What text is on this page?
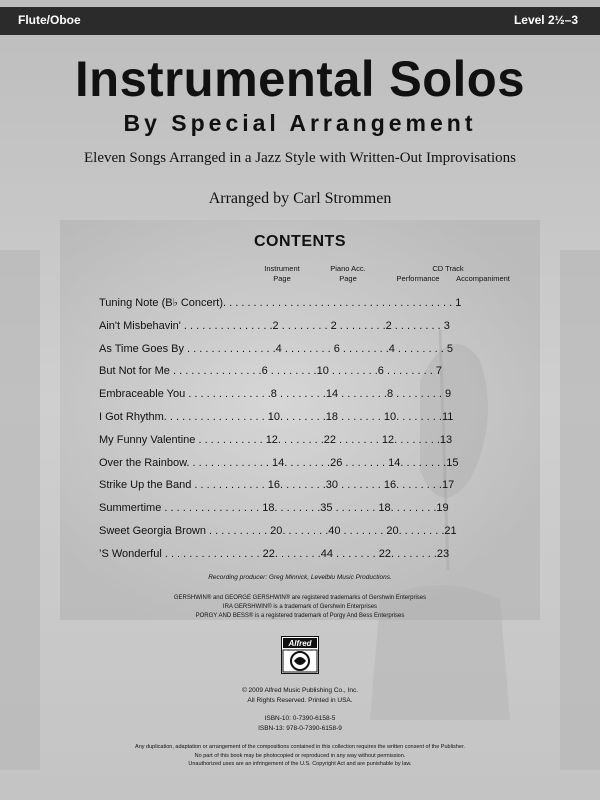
Flute/Oboe	Level 2½–3
Instrumental Solos
By Special Arrangement
Eleven Songs Arranged in a Jazz Style with Written-Out Improvisations
Arranged by Carl Strommen
CONTENTS
Instrument
Page
Piano Acc.
Page
CD Track
Performance	Accompaniment
Tuning Note (B♭ Concert). . . . . . . . . . . . . . . . . . . . . . . . . . . . . . . . . . . . . . 1
Ain't Misbehavin' . . . . . . . . . . . . . . .2 . . . . . . . . 2 . . . . . . . .2 . . . . . . . . 3
As Time Goes By . . . . . . . . . . . . . . .4 . . . . . . . . 6 . . . . . . . .4 . . . . . . . . 5
But Not for Me . . . . . . . . . . . . . . .6 . . . . . . . .10 . . . . . . . .6 . . . . . . . . 7
Embraceable You . . . . . . . . . . . . . .8 . . . . . . . .14 . . . . . . . .8 . . . . . . . . 9
I Got Rhythm. . . . . . . . . . . . . . . . . 10. . . . . . . .18 . . . . . . . 10. . . . . . . .11
My Funny Valentine . . . . . . . . . . . 12. . . . . . . .22 . . . . . . . 12. . . . . . . .13
Over the Rainbow. . . . . . . . . . . . . . 14. . . . . . . .26 . . . . . . . 14. . . . . . . .15
Strike Up the Band . . . . . . . . . . . . 16. . . . . . . .30 . . . . . . . 16. . . . . . . .17
Summertime . . . . . . . . . . . . . . . . 18. . . . . . . .35 . . . . . . . 18. . . . . . . .19
Sweet Georgia Brown . . . . . . . . . . 20. . . . . . . .40 . . . . . . . 20. . . . . . . .21
’S Wonderful . . . . . . . . . . . . . . . . 22. . . . . . . .44 . . . . . . . 22. . . . . . . .23
Recording producer: Greg Minnick, Levelblu Music Productions.
GERSHWIN® and GEORGE GERSHWIN® are registered trademarks of Gershwin Enterprises
IRA GERSHWIN® is a trademark of Gershwin Enterprises
PORGY AND BESS® is a registered trademark of Porgy And Bess Enterprises
Alfred
© 2009 Alfred Music Publishing Co., Inc.
All Rights Reserved. Printed in USA.
ISBN-10: 0-7390-6158-5
ISBN-13: 978-0-7390-6158-9
Any duplication, adaptation or arrangement of the compositions contained in this collection requires the written consent of the Publisher.
No part of this book may be photocopied or reproduced in any way without permission.
Unauthorized uses are an infringement of the U.S. Copyright Act and are punishable by law.
